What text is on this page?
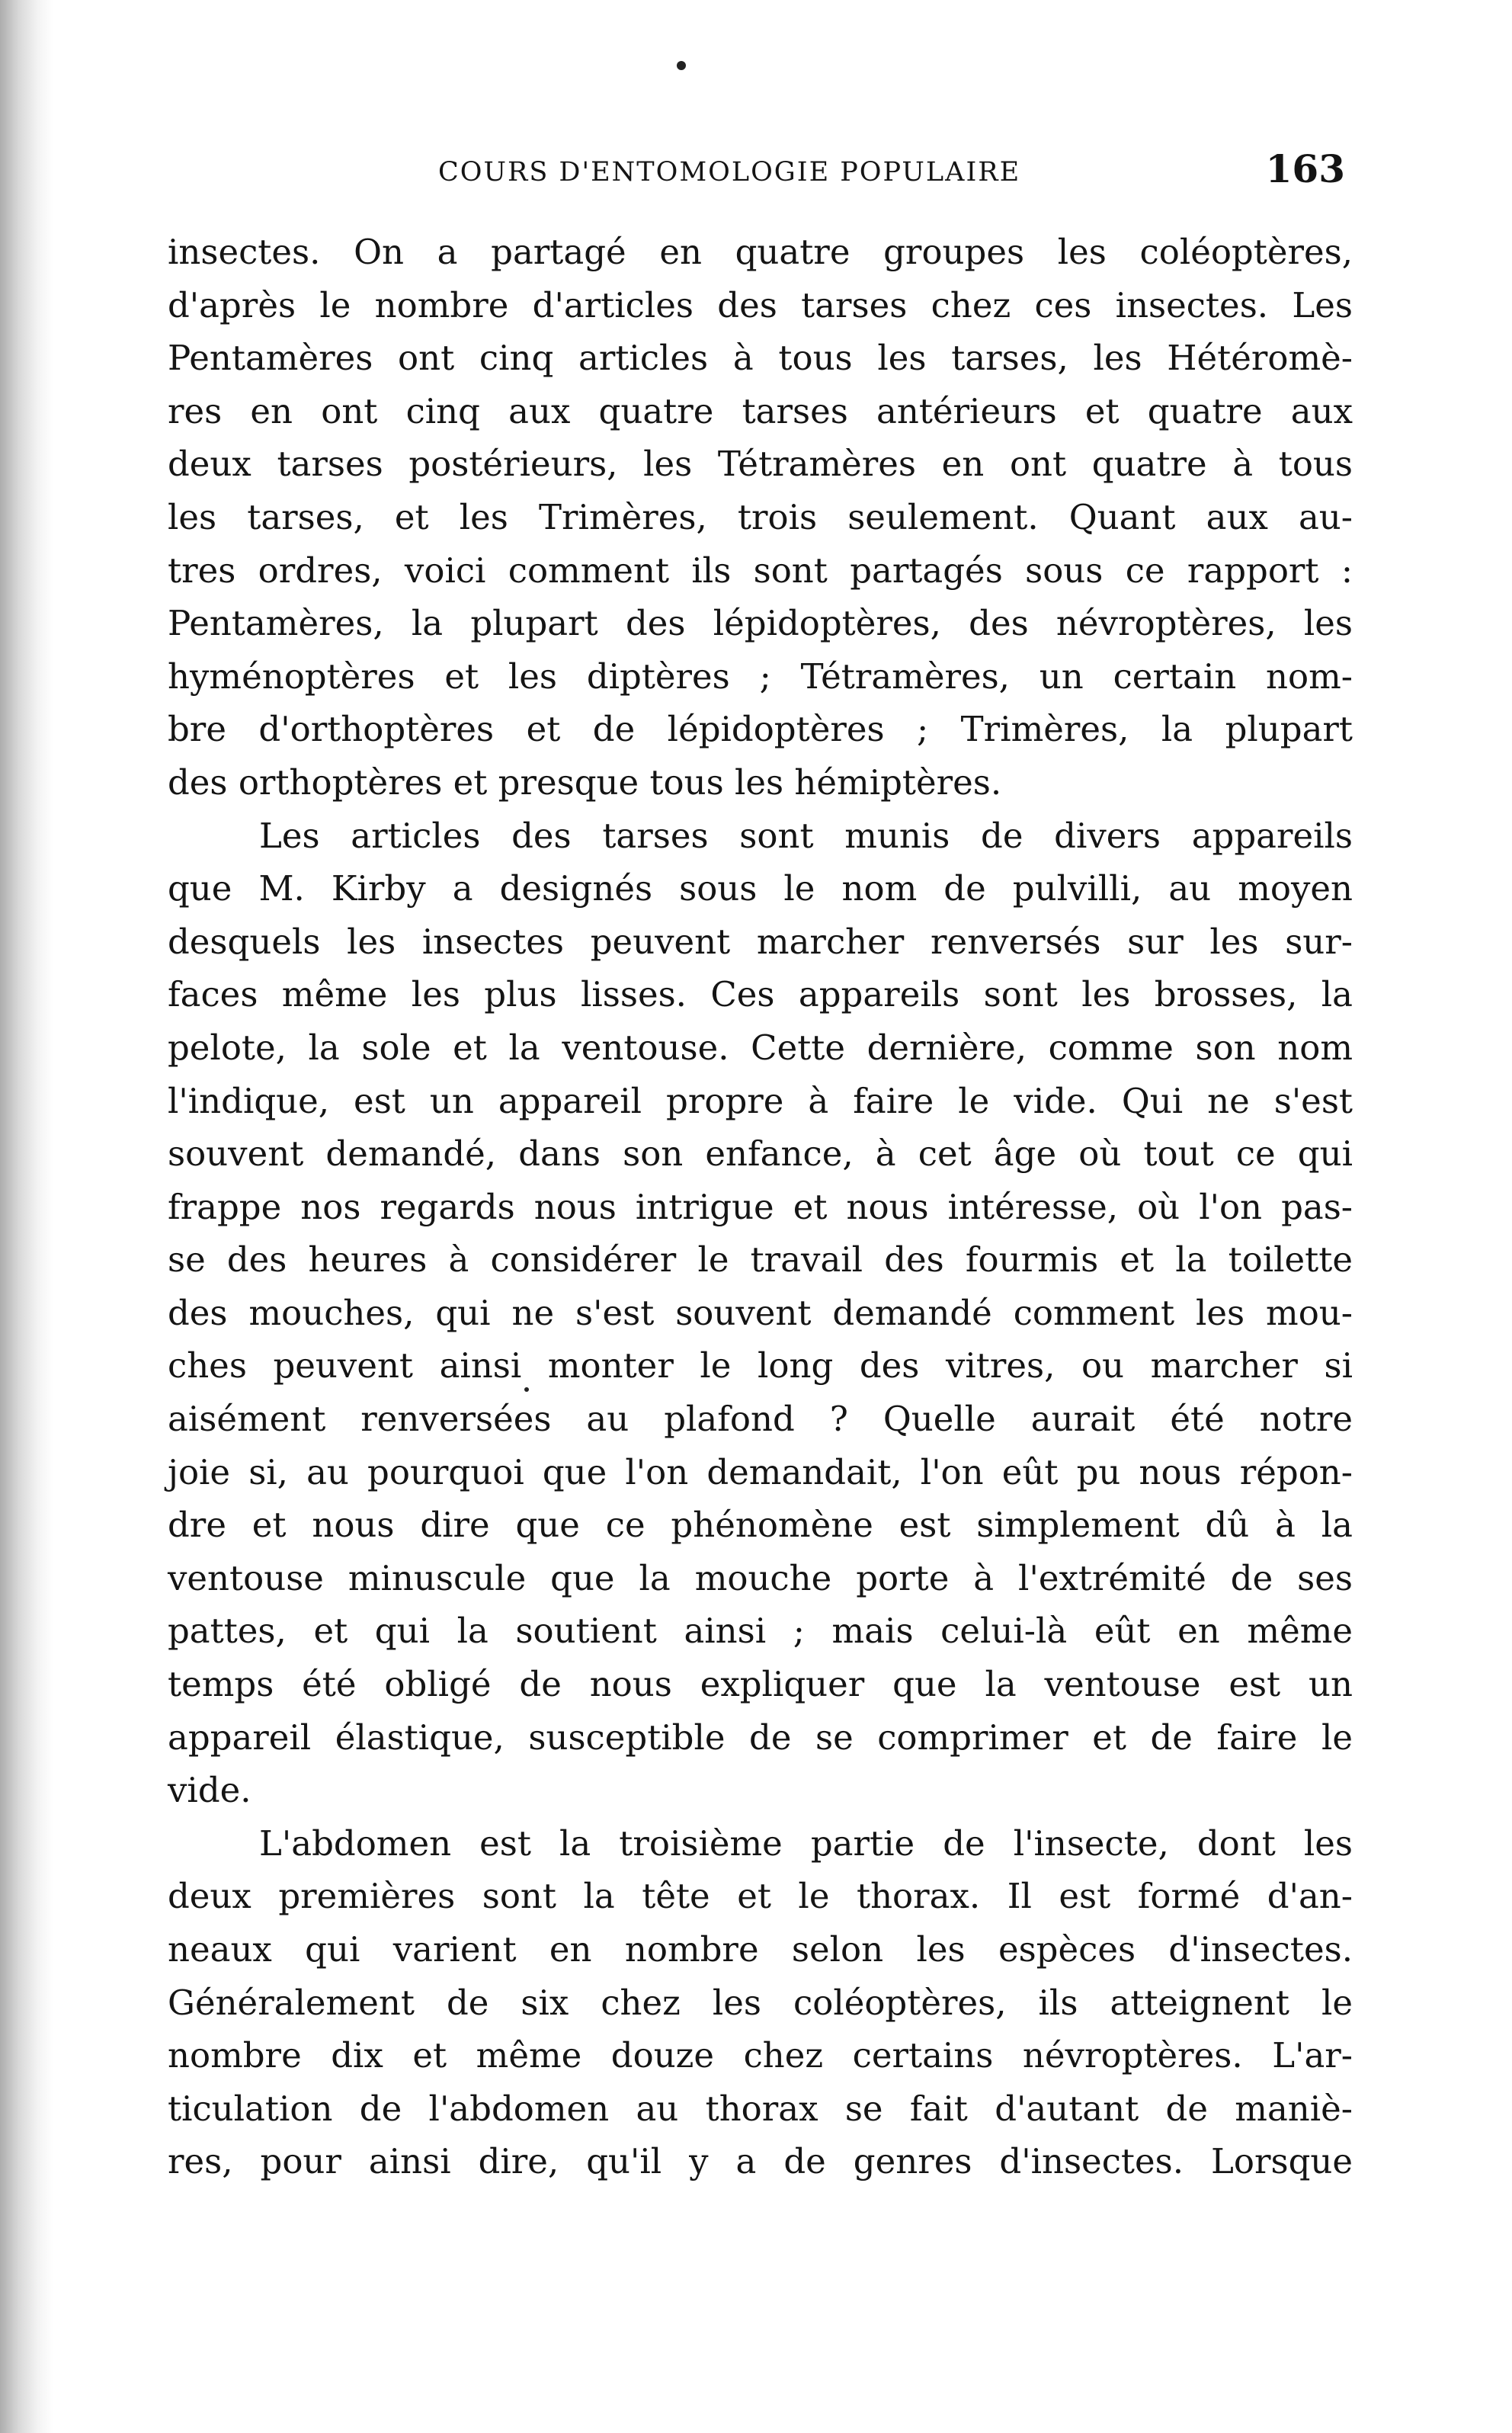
COURS D'ENTOMOLOGIE POPULAIRE	163
insectes. On a partagé en quatre groupes les coléoptères,
d'après le nombre d'articles des tarses chez ces insectes. Les
Pentamères ont cinq articles à tous les tarses, les Hétéromè-
res en ont cinq aux quatre tarses antérieurs et quatre aux
deux tarses postérieurs, les Tétramères en ont quatre à tous
les tarses, et les Trimères, trois seulement. Quant aux au-
tres ordres, voici comment ils sont partagés sous ce rapport :
Pentamères, la plupart des lépidoptères, des névroptères, les
hyménoptères et les diptères ; Tétramères, un certain nom-
bre d'orthoptères et de lépidoptères ; Trimères, la plupart
des orthoptères et presque tous les hémiptères.
Les articles des tarses sont munis de divers appareils
que M. Kirby a designés sous le nom de pulvilli, au moyen
desquels les insectes peuvent marcher renversés sur les sur-
faces même les plus lisses. Ces appareils sont les brosses, la
pelote, la sole et la ventouse. Cette dernière, comme son nom
l'indique, est un appareil propre à faire le vide. Qui ne s'est
souvent demandé, dans son enfance, à cet âge où tout ce qui
frappe nos regards nous intrigue et nous intéresse, où l'on pas-
se des heures à considérer le travail des fourmis et la toilette
des mouches, qui ne s'est souvent demandé comment les mou-
ches peuvent ainsi monter le long des vitres, ou marcher si
aisément renversées au plafond ? Quelle aurait été notre
joie si, au pourquoi que l'on demandait, l'on eût pu nous répon-
dre et nous dire que ce phénomène est simplement dû à la
ventouse minuscule que la mouche porte à l'extrémité de ses
pattes, et qui la soutient ainsi ; mais celui-là eût en même
temps été obligé de nous expliquer que la ventouse est un
appareil élastique, susceptible de se comprimer et de faire le
vide.
L'abdomen est la troisième partie de l'insecte, dont les
deux premières sont la tête et le thorax. Il est formé d'an-
neaux qui varient en nombre selon les espèces d'insectes.
Généralement de six chez les coléoptères, ils atteignent le
nombre dix et même douze chez certains névroptères. L'ar-
ticulation de l'abdomen au thorax se fait d'autant de maniè-
res, pour ainsi dire, qu'il y a de genres d'insectes. Lorsque
